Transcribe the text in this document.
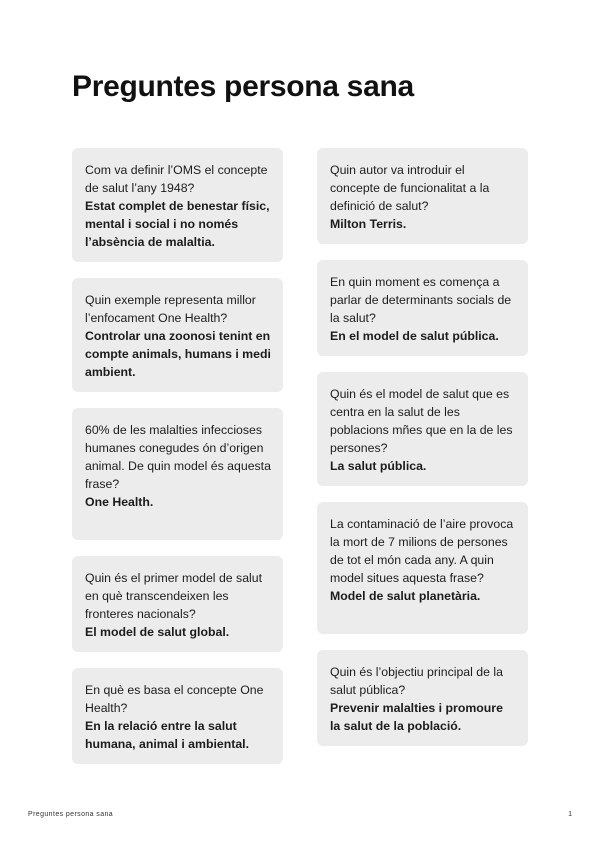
Preguntes persona sana
Com va definir l’OMS el concepte de salut l’any 1948?
Estat complet de benestar físic, mental i social i no només l’absència de malaltia.
Quin exemple representa millor l’enfocament One Health?
Controlar una zoonosi tenint en compte animals, humans i medi ambient.
60% de les malalties infeccioses humanes conegudes ón d’origen animal. De quin model és aquesta frase?
One Health.
Quin és el primer model de salut en què transcendeixen les fronteres nacionals?
El model de salut global.
En què es basa el concepte One Health?
En la relació entre la salut humana, animal i ambiental.
Quin autor va introduir el concepte de funcionalitat a la definició de salut?
Milton Terris.
En quin moment es comença a parlar de determinants socials de la salut?
En el model de salut pública.
Quin és el model de salut que es centra en la salut de les poblacions mñes que en la de les persones?
La salut pública.
La contaminació de l’aire provoca la mort de 7 milions de persones de tot el món cada any. A quin model situes aquesta frase?
Model de salut planetària.
Quin és l’objectiu principal de la salut pública?
Prevenir malalties i promoure la salut de la població.
Preguntes persona sana	1
